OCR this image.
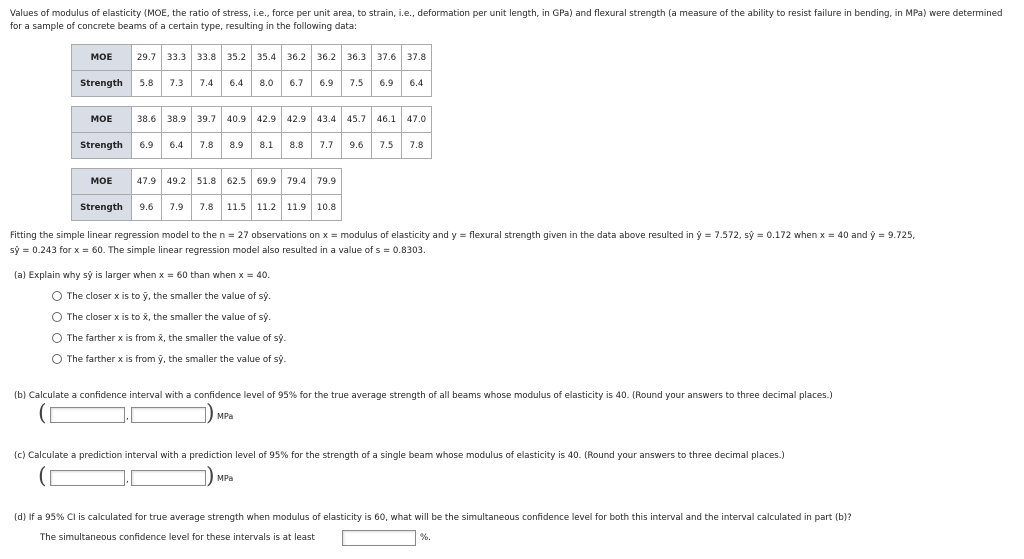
Values of modulus of elasticity (MOE, the ratio of stress, i.e., force per unit area, to strain, i.e., deformation per unit length, in GPa) and flexural strength (a measure of the ability to resist failure in bending, in MPa) were determined for a sample of concrete beams of a certain type, resulting in the following data:
MOE	29.7	33.3	33.8	35.2	35.4	36.2	36.2	36.3	37.6	37.8
Strength	5.8	7.3	7.4	6.4	8.0	6.7	6.9	7.5	6.9	6.4
MOE	38.6	38.9	39.7	40.9	42.9	42.9	43.4	45.7	46.1	47.0
Strength	6.9	6.4	7.8	8.9	8.1	8.8	7.7	9.6	7.5	7.8
MOE	47.9	49.2	51.8	62.5	69.9	79.4	79.9
Strength	9.6	7.9	7.8	11.5	11.2	11.9	10.8
Fitting the simple linear regression model to the n = 27 observations on x = modulus of elasticity and y = flexural strength given in the data above resulted in ŷ = 7.572, sŷ = 0.172 when x = 40 and ŷ = 9.725,
sŷ = 0.243 for x = 60. The simple linear regression model also resulted in a value of s = 0.8303.
(a) Explain why sŷ is larger when x = 60 than when x = 40.
The closer x is to ȳ, the smaller the value of sŷ.
The closer x is to x̄, the smaller the value of sŷ.
The farther x is from x̄, the smaller the value of sŷ.
The farther x is from ȳ, the smaller the value of sŷ.
(b) Calculate a confidence interval with a confidence level of 95% for the true average strength of all beams whose modulus of elasticity is 40. (Round your answers to three decimal places.)
(	,	) MPa
(c) Calculate a prediction interval with a prediction level of 95% for the strength of a single beam whose modulus of elasticity is 40. (Round your answers to three decimal places.)
(	,	) MPa
(d) If a 95% CI is calculated for true average strength when modulus of elasticity is 60, what will be the simultaneous confidence level for both this interval and the interval calculated in part (b)?
The simultaneous confidence level for these intervals is at least	%.
